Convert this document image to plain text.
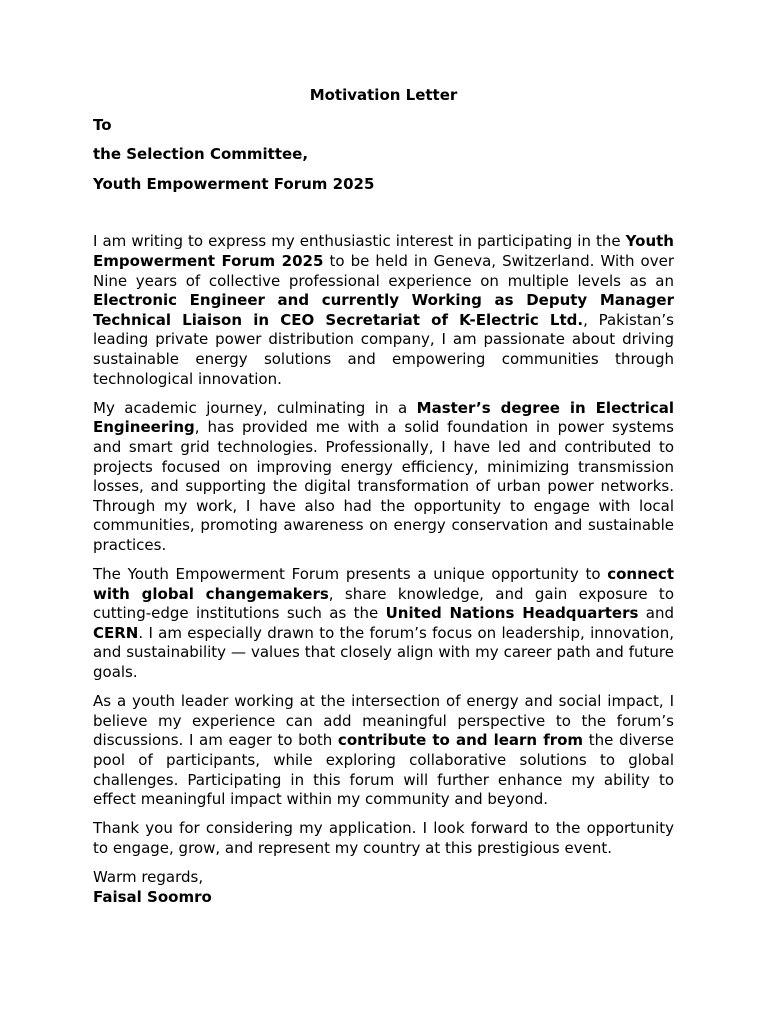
Motivation Letter
To
the Selection Committee,
Youth Empowerment Forum 2025

I am writing to express my enthusiastic interest in participating in the Youth Empowerment Forum 2025 to be held in Geneva, Switzerland. With over Nine years of collective professional experience on multiple levels as an Electronic Engineer and currently Working as Deputy Manager Technical Liaison in CEO Secretariat of K-Electric Ltd., Pakistan’s leading private power distribution company, I am passionate about driving sustainable energy solutions and empowering communities through technological innovation.

My academic journey, culminating in a Master’s degree in Electrical Engineering, has provided me with a solid foundation in power systems and smart grid technologies. Professionally, I have led and contributed to projects focused on improving energy efficiency, minimizing transmission losses, and supporting the digital transformation of urban power networks. Through my work, I have also had the opportunity to engage with local communities, promoting awareness on energy conservation and sustainable practices.

The Youth Empowerment Forum presents a unique opportunity to connect with global changemakers, share knowledge, and gain exposure to cutting-edge institutions such as the United Nations Headquarters and CERN. I am especially drawn to the forum’s focus on leadership, innovation, and sustainability — values that closely align with my career path and future goals.

As a youth leader working at the intersection of energy and social impact, I believe my experience can add meaningful perspective to the forum’s discussions. I am eager to both contribute to and learn from the diverse pool of participants, while exploring collaborative solutions to global challenges. Participating in this forum will further enhance my ability to effect meaningful impact within my community and beyond.

Thank you for considering my application. I look forward to the opportunity to engage, grow, and represent my country at this prestigious event.

Warm regards,
Faisal Soomro
